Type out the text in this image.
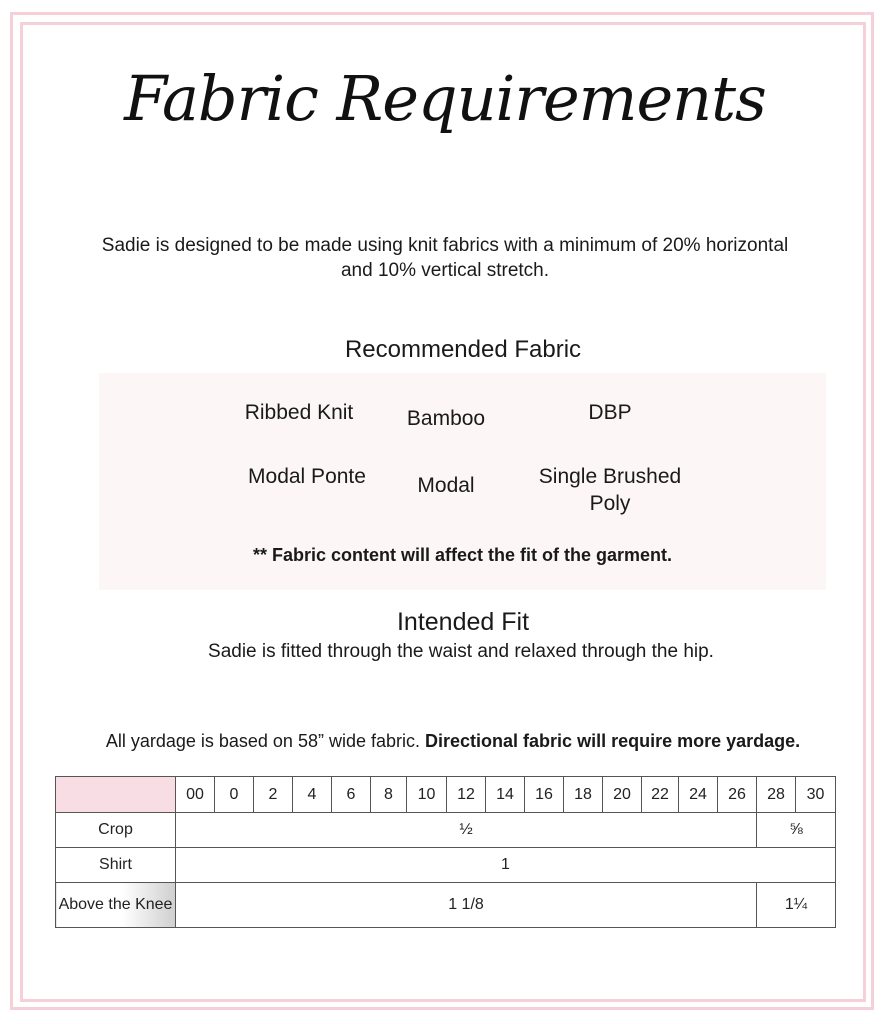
Fabric Requirements
Sadie is designed to be made using knit fabrics with a minimum of 20% horizontal and 10% vertical stretch.
Recommended Fabric
Ribbed Knit	Bamboo	DBP
Modal Ponte	Modal	Single Brushed Poly
** Fabric content will affect the fit of the garment.
Intended Fit
Sadie is fitted through the waist and relaxed through the hip.
All yardage is based on 58” wide fabric. Directional fabric will require more yardage.
	00	0	2	4	6	8	10	12	14	16	18	20	22	24	26	28	30
Crop	½															⅝	
Shirt	1																
Above the Knee	1 1/8															1¼	
